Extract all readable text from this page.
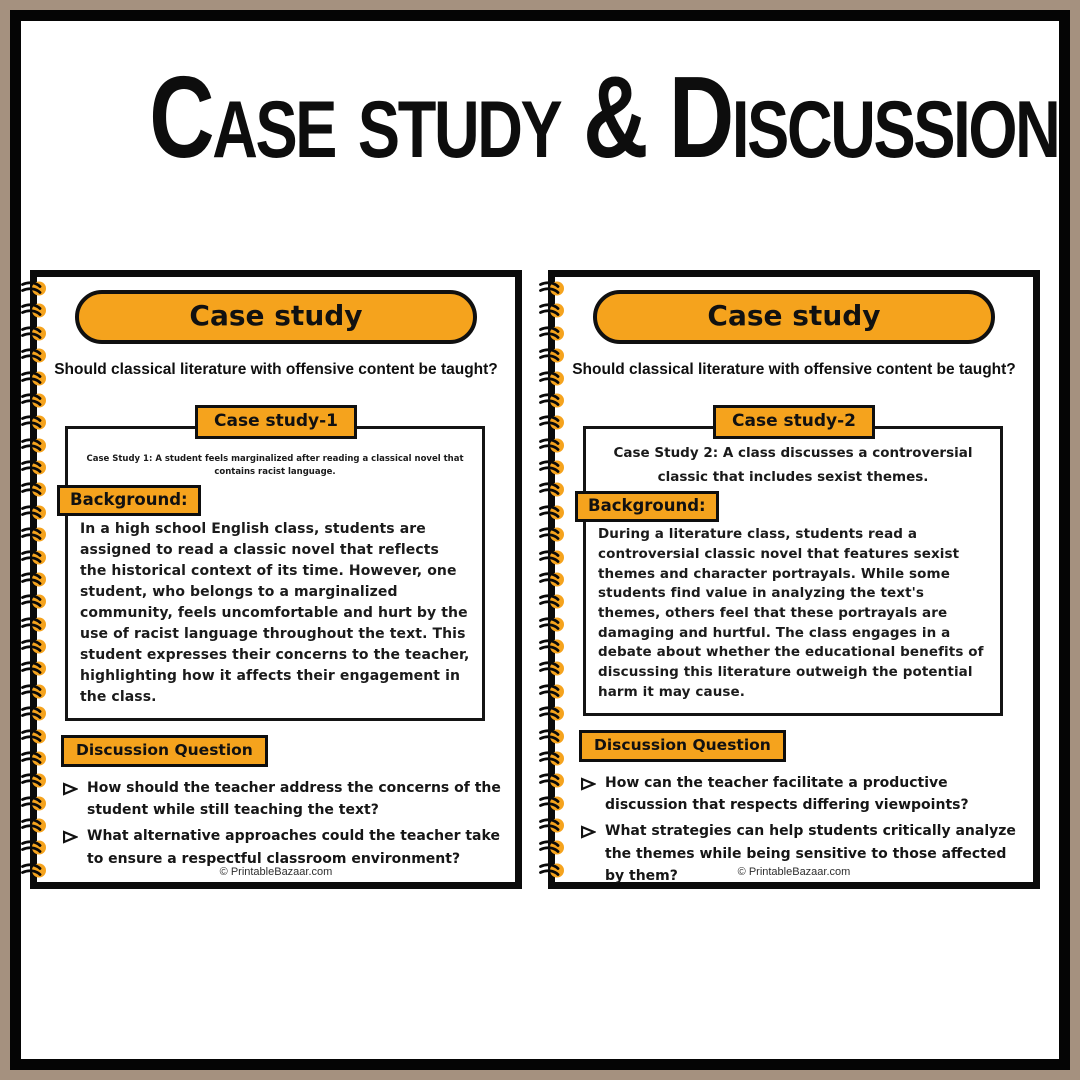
Case study & Discussion
Case study
Should classical literature with offensive content be taught?
Case study-1
Case Study 1: A student feels marginalized after reading a classical novel that contains racist language.
Background:
In a high school English class, students are assigned to read a classic novel that reflects the historical context of its time. However, one student, who belongs to a marginalized community, feels uncomfortable and hurt by the use of racist language throughout the text. This student expresses their concerns to the teacher, highlighting how it affects their engagement in the class.
Discussion Question
How should the teacher address the concerns of the student while still teaching the text?
What alternative approaches could the teacher take to ensure a respectful classroom environment?
© PrintableBazaar.com
Case study
Should classical literature with offensive content be taught?
Case study-2
Case Study 2: A class discusses a controversial classic that includes sexist themes.
Background:
During a literature class, students read a controversial classic novel that features sexist themes and character portrayals. While some students find value in analyzing the text's themes, others feel that these portrayals are damaging and hurtful. The class engages in a debate about whether the educational benefits of discussing this literature outweigh the potential harm it may cause.
Discussion Question
How can the teacher facilitate a productive discussion that respects differing viewpoints?
What strategies can help students critically analyze the themes while being sensitive to those affected by them?	© PrintableBazaar.com
